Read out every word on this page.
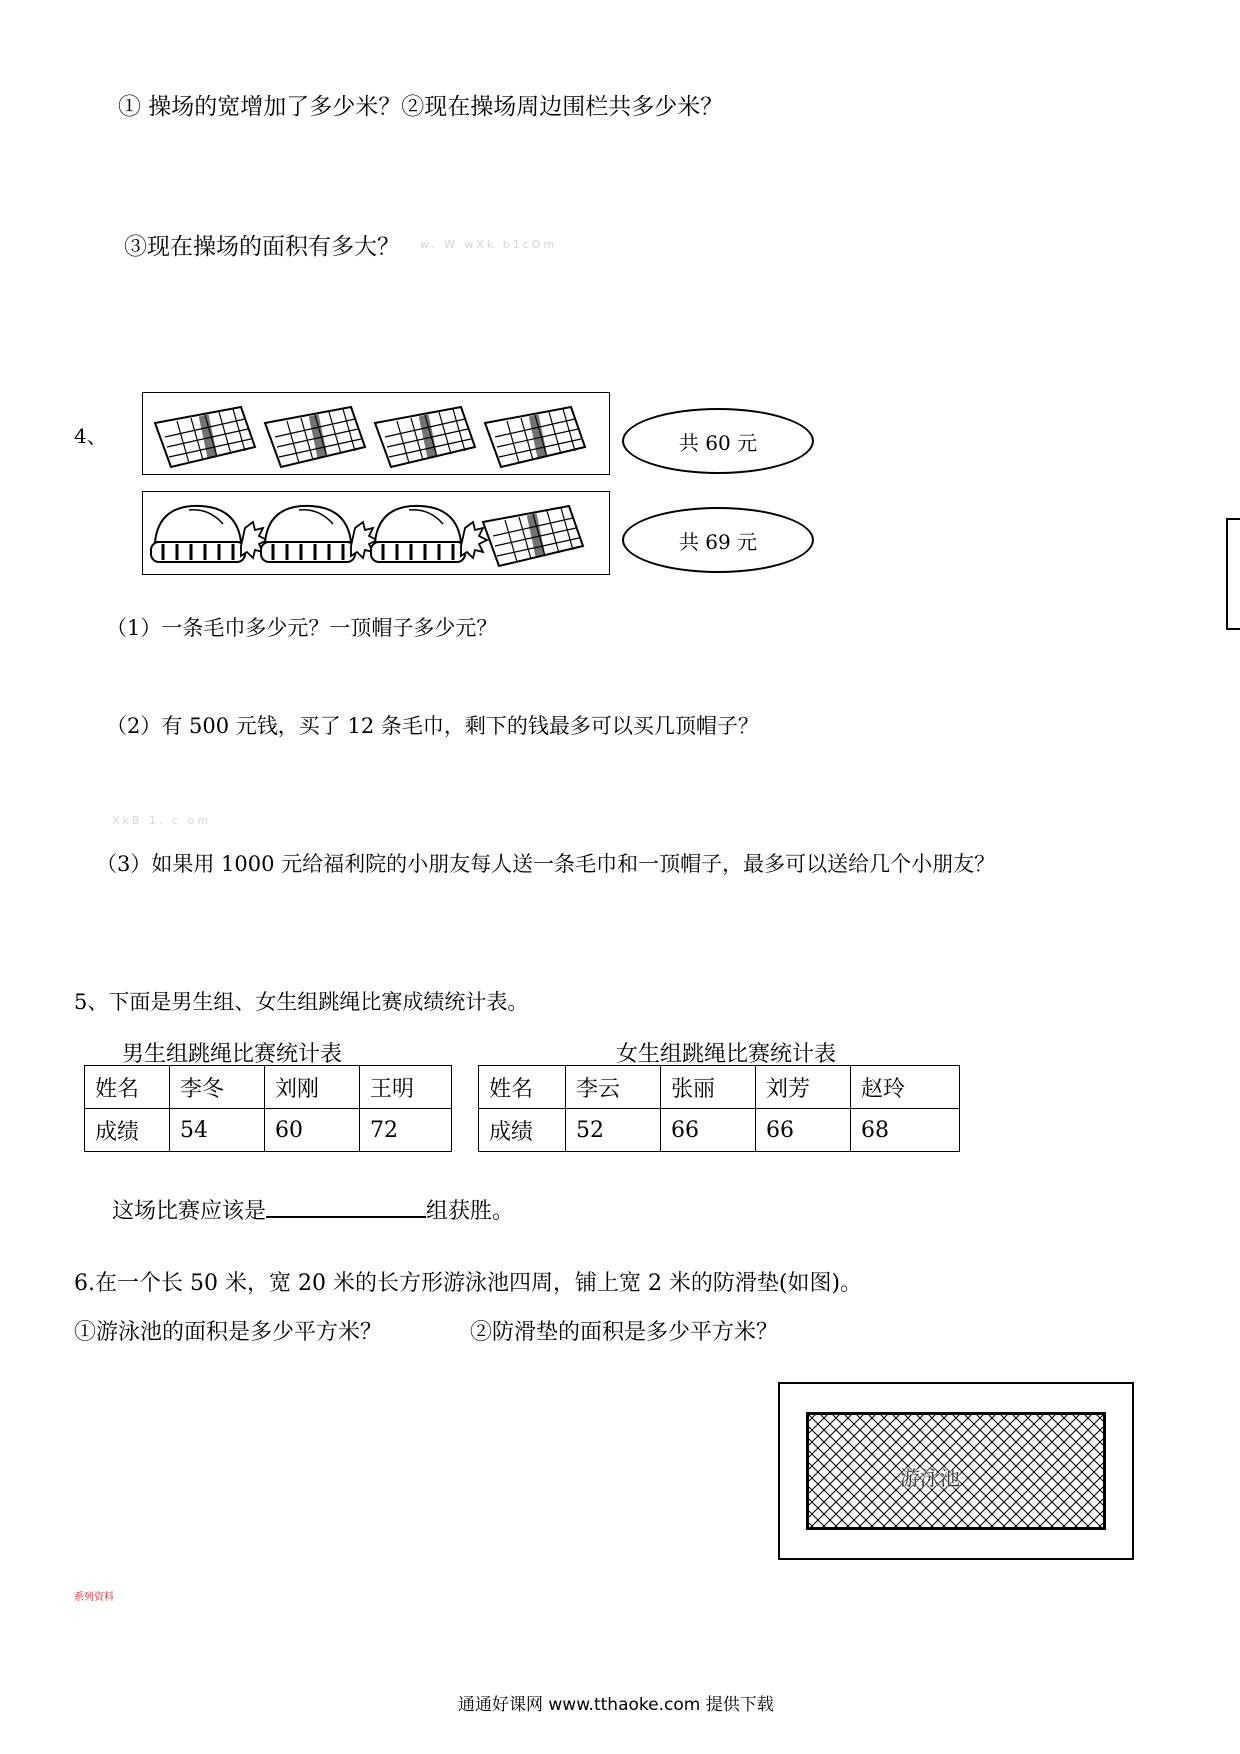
① 操场的宽增加了多少米？②现在操场周边围栏共多少米？
③现在操场的面积有多大？ w. W wXk b1cOm
4、	共 60 元
共 69 元
（1）一条毛巾多少元？一顶帽子多少元？
（2）有 500 元钱，买了 12 条毛巾，剩下的钱最多可以买几顶帽子？
XkB 1. c om
（3）如果用 1000 元给福利院的小朋友每人送一条毛巾和一顶帽子，最多可以送给几个小朋友？
5、下面是男生组、女生组跳绳比赛成绩统计表。
男生组跳绳比赛统计表
姓名	李冬	刘刚	王明
成绩	54	60	72
女生组跳绳比赛统计表
姓名	李云	张丽	刘芳	赵玲
成绩	52	66	66	68
这场比赛应该是	组获胜。
6.在一个长 50 米，宽 20 米的长方形游泳池四周，铺上宽 2 米的防滑垫(如图)。
①游泳池的面积是多少平方米？	②防滑垫的面积是多少平方米？
游泳池
系列资料
通通好课网 www.tthaoke.com 提供下载
